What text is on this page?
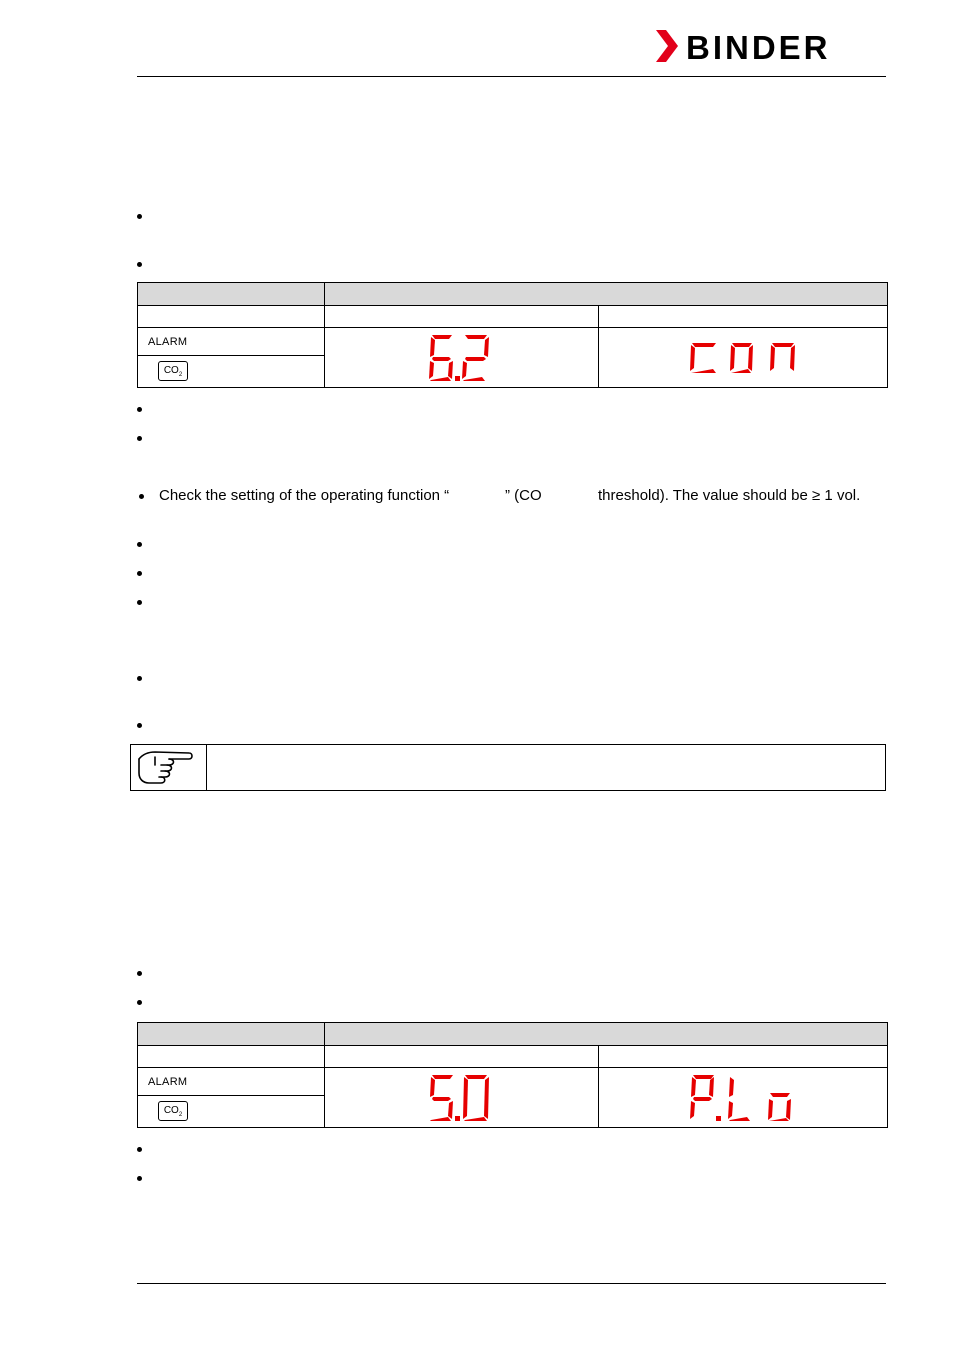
BINDER

ALARM	

$CO_2$
Check the setting of the operating function “	” (CO	threshold). The value should be ≥ 1 vol.

ALARM	

$CO_2$
